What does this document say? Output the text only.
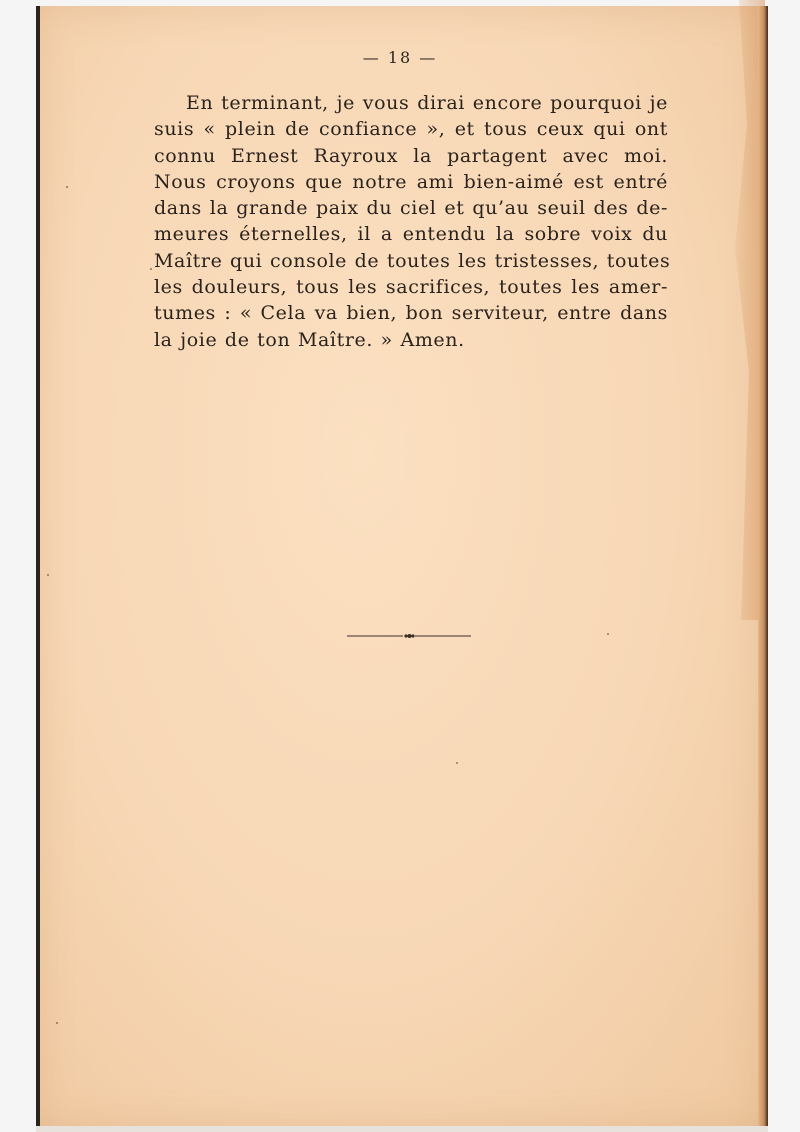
— 18 —
En terminant, je vous dirai encore pourquoi je
suis « plein de confiance », et tous ceux qui ont
connu Ernest Rayroux la partagent avec moi.
Nous croyons que notre ami bien-aimé est entré
dans la grande paix du ciel et qu’au seuil des de-
meures éternelles, il a entendu la sobre voix du
Maître qui console de toutes les tristesses, toutes
les douleurs, tous les sacrifices, toutes les amer-
tumes : « Cela va bien, bon serviteur, entre dans
la joie de ton Maître. » Amen.
